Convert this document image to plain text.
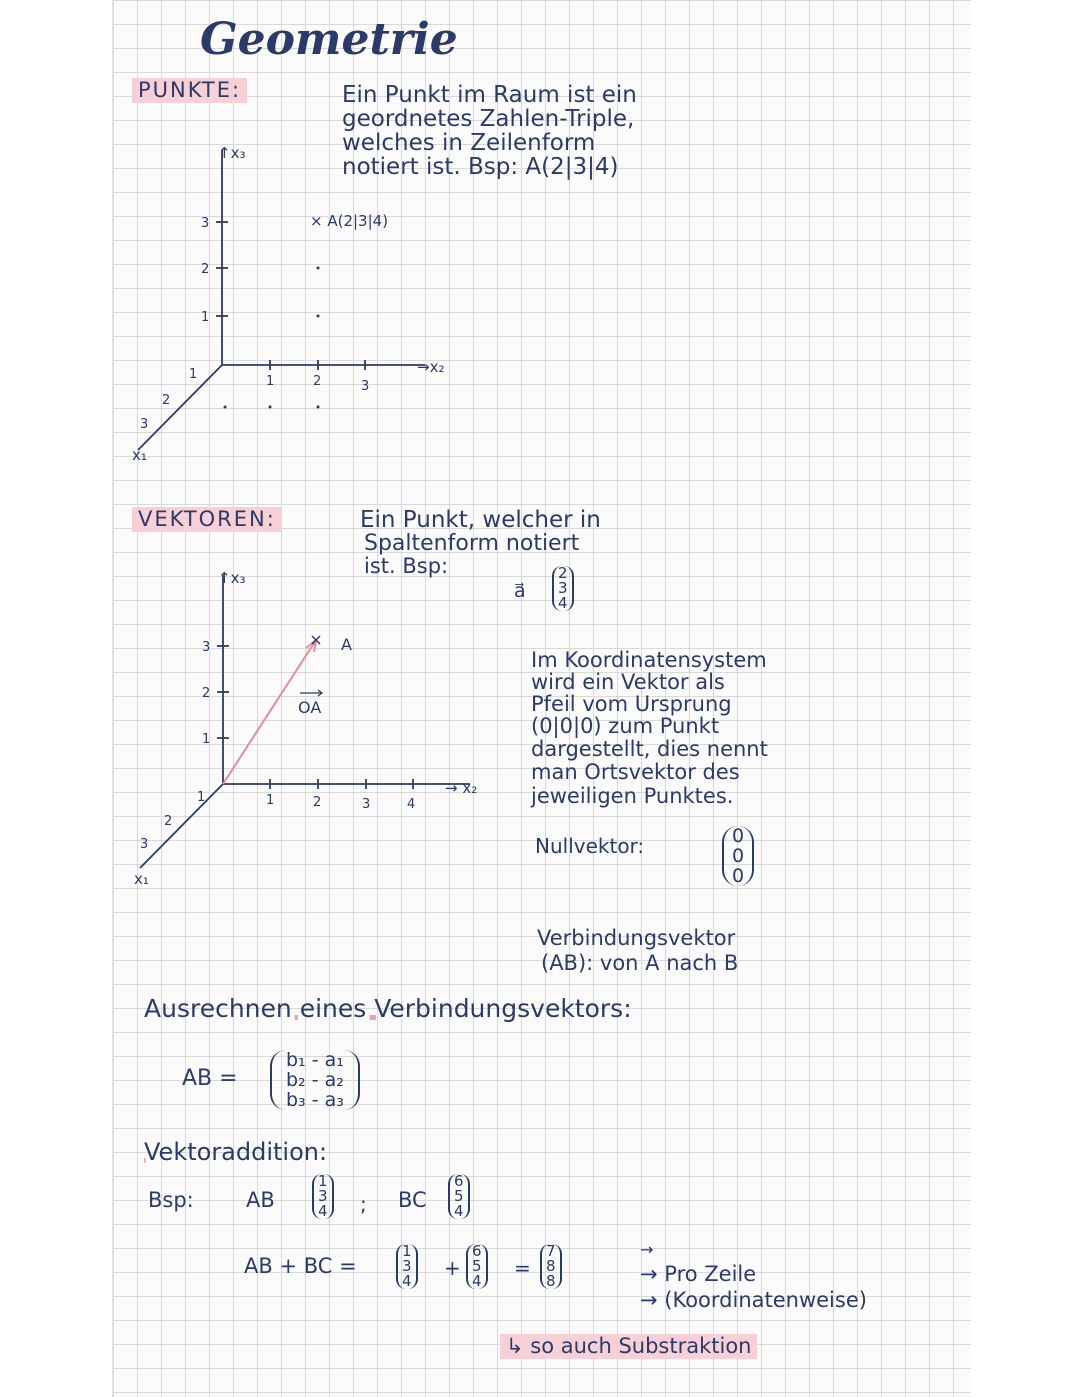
Geometrie
PUNKTE:	Ein Punkt im Raum ist ein
geordnetes Zahlen-Triple,
welches in Zeilenform
notiert ist. Bsp: A(2|3|4)
↑x₃
→x₂
x₁
1
2
3
1	2	3
1
2
3
× A(2|3|4)
VEKTOREN:	Ein Punkt, welcher in
Spaltenform notiert
ist. Bsp:
a⃗
2
3
4
↑x₃
→ x₂
x₁
1
2
3
1	2	3	4
1
2
3
A
OA
Im Koordinatensystem
wird ein Vektor als
Pfeil vom Ursprung
(0|0|0) zum Punkt
dargestellt, dies nennt
man Ortsvektor des
jeweiligen Punktes.
Nullvektor:	0
0
0
Verbindungsvektor
(AB): von A nach B
Ausrechnen eines Verbindungsvektors:
AB =
b₁ - a₁
b₂ - a₂
b₃ - a₃
Vektoraddition:
Bsp: AB
1
3
4 ; BC
6
5
4
AB + BC =
1
3
4
+
6
5
4
=
7
8
8
→
→ Pro Zeile
→ (Koordinatenweise)
↳ so auch Substraktion
